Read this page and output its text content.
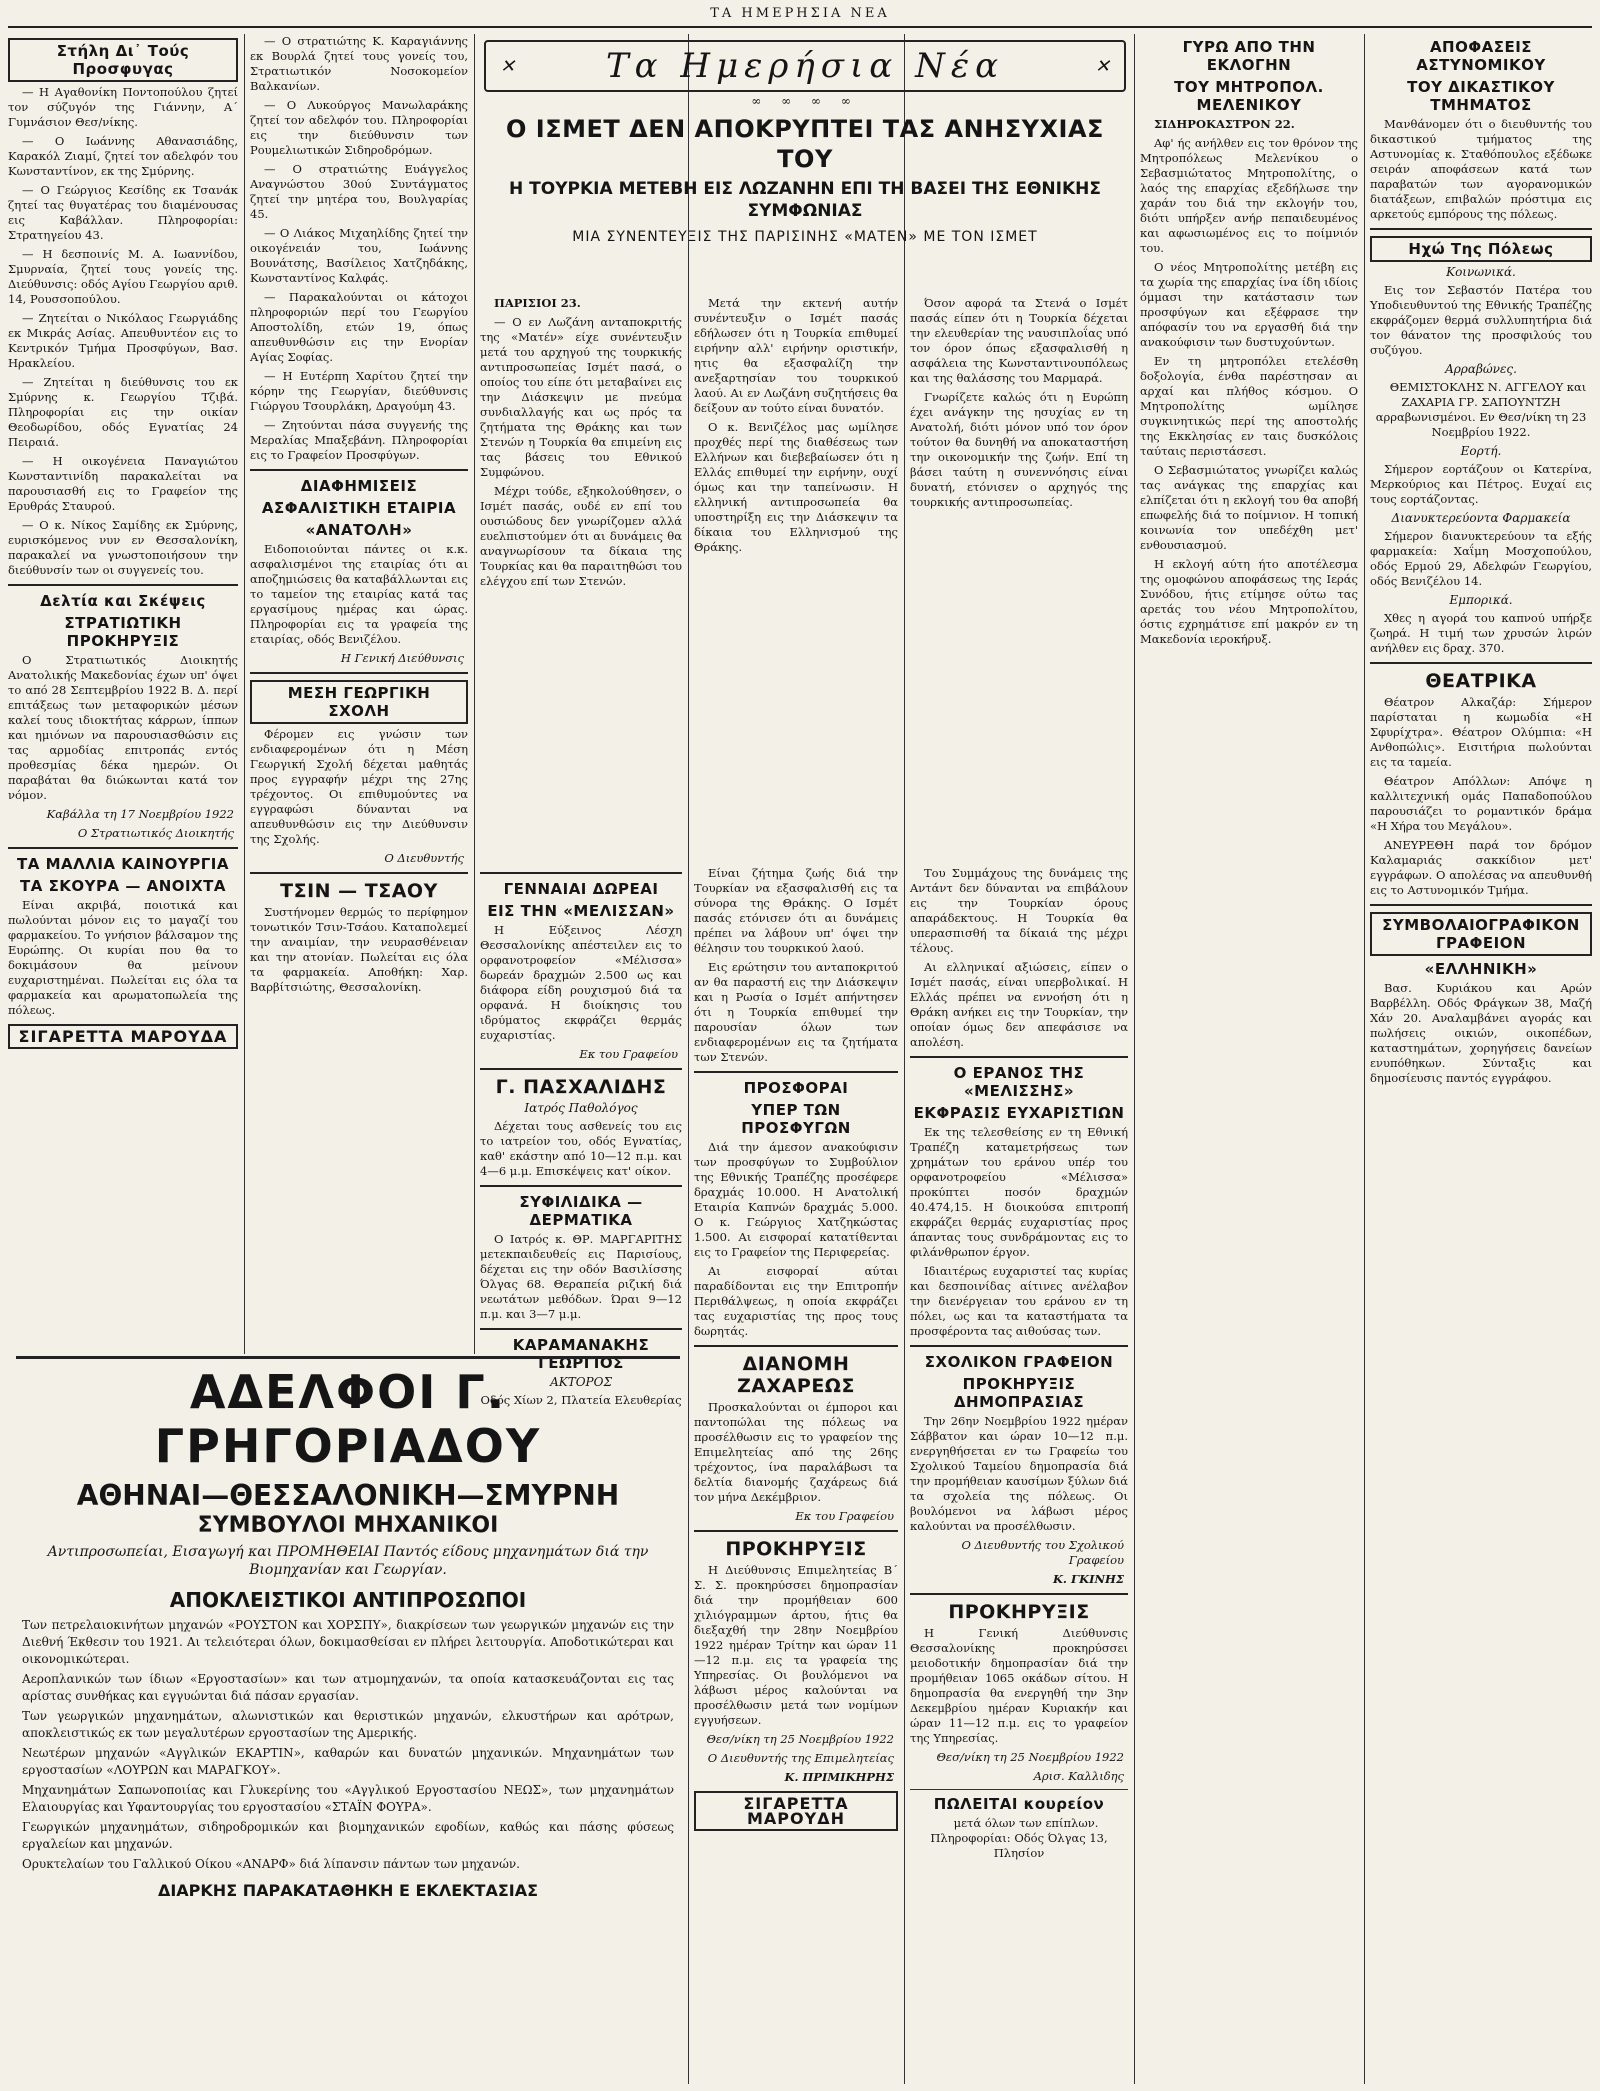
ΤΑ ΗΜΕΡΗΣΙΑ ΝΕΑ
✕	Τα Ημερήσια Νέα	✕
∞ ∞ ∞ ∞
Ο ΙΣΜΕΤ ΔΕΝ ΑΠΟΚΡΥΠΤΕΙ ΤΑΣ ΑΝΗΣΥΧΙΑΣ ΤΟΥ
Η ΤΟΥΡΚΙΑ ΜΕΤΕΒΗ ΕΙΣ ΛΩΖΑΝΗΝ ΕΠΙ ΤΗ ΒΑΣΕΙ ΤΗΣ ΕΘΝΙΚΗΣ ΣΥΜΦΩΝΙΑΣ
ΜΙΑ ΣΥΝΕΝΤΕΥΞΙΣ ΤΗΣ ΠΑΡΙΣΙΝΗΣ «ΜΑΤΕΝ» ΜΕ ΤΟΝ ΙΣΜΕΤ
Στήλη Δι᾽ Τούς Προσφυγας

— Η Αγαθονίκη Ποντοπούλου ζητεί τον σύζυγόν της Γιάννην, Α΄ Γυμνάσιον Θεσ/νίκης.

— Ο Ιωάννης Αθανασιάδης, Καρακόλ Ζιαμί, ζητεί τον αδελφόν του Κωνσταντίνον, εκ της Σμύρνης.

— Ο Γεώργιος Κεσίδης εκ Τσανάκ ζητεί τας θυγατέρας του διαμένουσας εις Καβάλλαν. Πληροφορίαι: Στρατηγείου 43.

— Η δεσποινίς Μ. Α. Ιωαννίδου, Σμυρναία, ζητεί τους γονείς της. Διεύθυνσις: οδός Αγίου Γεωργίου αριθ. 14, Ρουσσοπούλου.

— Ζητείται ο Νικόλαος Γεωργιάδης εκ Μικράς Ασίας. Απευθυντέον εις το Κεντρικόν Τμήμα Προσφύγων, Βασ. Ηρακλείου.

— Ζητείται η διεύθυνσις του εκ Σμύρνης κ. Γεωργίου Τζιβά. Πληροφορίαι εις την οικίαν Θεοδωρίδου, οδός Εγνατίας 24 Πειραιά.

— Η οικογένεια Παναγιώτου Κωνσταντινίδη παρακαλείται να παρουσιασθή εις το Γραφείον της Ερυθράς Σταυρού.

— Ο κ. Νίκος Σαμίδης εκ Σμύρνης, ευρισκόμενος νυν εν Θεσσαλονίκη, παρακαλεί να γνωστοποιήσουν την διεύθυνσίν των οι συγγενείς του.

Δελτία και Σκέψεις
ΣΤΡΑΤΙΩΤΙΚΗ ΠΡΟΚΗΡΥΞΙΣ

Ο Στρατιωτικός Διοικητής Ανατολικής Μακεδονίας έχων υπ' όψει το από 28 Σεπτεμβρίου 1922 Β. Δ. περί επιτάξεως των μεταφορικών μέσων καλεί τους ιδιοκτήτας κάρρων, ίππων και ημιόνων να παρουσιασθώσιν εις τας αρμοδίας επιτροπάς εντός προθεσμίας δέκα ημερών. Οι παραβάται θα διώκωνται κατά τον νόμον.

Καβάλλα τη 17 Νοεμβρίου 1922
Ο Στρατιωτικός Διοικητής
ΤΑ ΜΑΛΛΙΑ ΚΑΙΝΟΥΡΓΙΑ
ΤΑ ΣΚΟΥΡΑ — ΑΝΟΙΧΤΑ

Είναι ακριβά, ποιοτικά και πωλούνται μόνον εις το μαγαζί του φαρμακείου. Το γνήσιον βάλσαμον της Ευρώπης. Οι κυρίαι που θα το δοκιμάσουν θα μείνουν ευχαριστημέναι. Πωλείται εις όλα τα φαρμακεία και αρωματοπωλεία της πόλεως.

ΣΙΓΑΡΕΤΤΑ ΜΑΡΟΥΔΑ

— Ο στρατιώτης Κ. Καραγιάννης εκ Βουρλά ζητεί τους γονείς του, Στρατιωτικόν Νοσοκομείον Βαλκανίων.

— Ο Λυκούργος Μανωλαράκης ζητεί τον αδελφόν του. Πληροφορίαι εις την διεύθυνσιν των Ρουμελιωτικών Σιδηροδρόμων.

— Ο στρατιώτης Ευάγγελος Αναγνώστου 30ού Συντάγματος ζητεί την μητέρα του, Βουλγαρίας 45.

— Ο Λιάκος Μιχαηλίδης ζητεί την οικογένειάν του, Ιωάννης Βουνάτσης, Βασίλειος Χατζηδάκης, Κωνσταντίνος Καλφάς.

— Παρακαλούνται οι κάτοχοι πληροφοριών περί του Γεωργίου Αποστολίδη, ετών 19, όπως απευθυνθώσιν εις την Ενορίαν Αγίας Σοφίας.

— Η Ευτέρπη Χαρίτου ζητεί την κόρην της Γεωργίαν, διεύθυνσις Γιώργου Τσουρλάκη, Δραγούμη 43.

— Ζητούνται πάσα συγγενής της Μεραλίας Μπαξεβάνη. Πληροφορίαι εις το Γραφείον Προσφύγων.

ΔΙΑΦΗΜΙΣΕΙΣ
ΑΣΦΑΛΙΣΤΙΚΗ ΕΤΑΙΡΙΑ
«ΑΝΑΤΟΛΗ»

Ειδοποιούνται πάντες οι κ.κ. ασφαλισμένοι της εταιρίας ότι αι αποζημιώσεις θα καταβάλλωνται εις το ταμείον της εταιρίας κατά τας εργασίμους ημέρας και ώρας. Πληροφορίαι εις τα γραφεία της εταιρίας, οδός Βενιζέλου.

Η Γενική Διεύθυνσις
ΜΕΣΗ ΓΕΩΡΓΙΚΗ ΣΧΟΛΗ

Φέρομεν εις γνώσιν των ενδιαφερομένων ότι η Μέση Γεωργική Σχολή δέχεται μαθητάς προς εγγραφήν μέχρι της 27ης τρέχοντος. Οι επιθυμούντες να εγγραφώσι δύνανται να απευθυνθώσιν εις την Διεύθυνσιν της Σχολής.

Ο Διευθυντής
ΤΣΙΝ — ΤΣΑΟΥ

Συστήνομεν θερμώς το περίφημον τονωτικόν Τσιν-Τσάου. Καταπολεμεί την αναιμίαν, την νευρασθένειαν και την ατονίαν. Πωλείται εις όλα τα φαρμακεία. Αποθήκη: Χαρ. Βαρβίτσιώτης, Θεσσαλονίκη.

ΠΑΡΙΣΙΟΙ 23.

— Ο εν Λωζάνη ανταποκριτής της «Ματέν» είχε συνέντευξιν μετά του αρχηγού της τουρκικής αντιπροσωπείας Ισμέτ πασά, ο οποίος του είπε ότι μεταβαίνει εις την Διάσκεψιν με πνεύμα συνδιαλλαγής και ως πρός τα ζητήματα της Θράκης και των Στενών η Τουρκία θα επιμείνη εις τας βάσεις του Εθνικού Συμφώνου.

Μέχρι τούδε, εξηκολούθησεν, ο Ισμέτ πασάς, ουδέ εν επί του ουσιώδους δεν γνωρίζομεν αλλά ευελπιστούμεν ότι αι δυνάμεις θα αναγνωρίσουν τα δίκαια της Τουρκίας και θα παραιτηθώσι του ελέγχου επί των Στενών.

Μετά την εκτενή αυτήν συνέντευξιν ο Ισμέτ πασάς εδήλωσεν ότι η Τουρκία επιθυμεί ειρήνην αλλ' ειρήνην οριστικήν, ητις θα εξασφαλίζη την ανεξαρτησίαν του τουρκικού λαού. Αι εν Λωζάνη συζητήσεις θα δείξουν αν τούτο είναι δυνατόν.

Ο κ. Βενιζέλος μας ωμίλησε προχθές περί της διαθέσεως των Ελλήνων και διεβεβαίωσεν ότι η Ελλάς επιθυμεί την ειρήνην, ουχί όμως και την ταπείνωσιν. Η ελληνική αντιπροσωπεία θα υποστηρίξη εις την Διάσκεψιν τα δίκαια του Ελληνισμού της Θράκης.

Όσον αφορά τα Στενά ο Ισμέτ πασάς είπεν ότι η Τουρκία δέχεται την ελευθερίαν της ναυσιπλοΐας υπό τον όρον όπως εξασφαλισθή η ασφάλεια της Κωνσταντινουπόλεως και της θαλάσσης του Μαρμαρά.

Γνωρίζετε καλώς ότι η Ευρώπη έχει ανάγκην της ησυχίας εν τη Ανατολή, διότι μόνον υπό τον όρον τούτον θα δυνηθή να αποκαταστήση την οικονομικήν της ζωήν. Επί τη βάσει ταύτη η συνεννόησις είναι δυνατή, ετόνισεν ο αρχηγός της τουρκικής αντιπροσωπείας.

ΓΕΝΝΑΙΑΙ ΔΩΡΕΑΙ
ΕΙΣ ΤΗΝ «ΜΕΛΙΣΣΑΝ»

Η Εύξεινος Λέσχη Θεσσαλονίκης απέστειλεν εις το ορφανοτροφείον «Μέλισσα» δωρεάν δραχμών 2.500 ως και διάφορα είδη ρουχισμού διά τα ορφανά. Η διοίκησις του ιδρύματος εκφράζει θερμάς ευχαριστίας.

Εκ του Γραφείου
Γ. ΠΑΣΧΑΛΙΔΗΣ
Ιατρός Παθολόγος

Δέχεται τους ασθενείς του εις το ιατρείον του, οδός Εγνατίας, καθ' εκάστην από 10—12 π.μ. και 4—6 μ.μ. Επισκέψεις κατ' οίκον.

ΣΥΦΙΛΙΔΙΚΑ — ΔΕΡΜΑΤΙΚΑ

Ο Ιατρός κ. ΘΡ. ΜΑΡΓΑΡΙΤΗΣ μετεκπαιδευθείς εις Παρισίους, δέχεται εις την οδόν Βασιλίσσης Όλγας 68. Θεραπεία ριζική διά νεωτάτων μεθόδων. Ώραι 9—12 π.μ. και 3—7 μ.μ.

ΚΑΡΑΜΑΝΑΚΗΣ ΓΕΩΡΓΙΟΣ
ΑΚΤΟΡΟΣ
Οδός Χίων 2, Πλατεία Ελευθερίας

Είναι ζήτημα ζωής διά την Τουρκίαν να εξασφαλισθή εις τα σύνορα της Θράκης. Ο Ισμέτ πασάς ετόνισεν ότι αι δυνάμεις πρέπει να λάβουν υπ' όψει την θέλησιν του τουρκικού λαού.

Εις ερώτησιν του ανταποκριτού αν θα παραστή εις την Διάσκεψιν και η Ρωσία ο Ισμέτ απήντησεν ότι η Τουρκία επιθυμεί την παρουσίαν όλων των ενδιαφερομένων εις τα ζητήματα των Στενών.

ΠΡΟΣΦΟΡΑΙ
ΥΠΕΡ ΤΩΝ ΠΡΟΣΦΥΓΩΝ

Διά την άμεσον ανακούφισιν των προσφύγων το Συμβούλιον της Εθνικής Τραπέζης προσέφερε δραχμάς 10.000. Η Ανατολική Εταιρία Καπνών δραχμάς 5.000. Ο κ. Γεώργιος Χατζηκώστας 1.500. Αι εισφοραί κατατίθενται εις το Γραφείον της Περιφερείας.

Αι εισφοραί αύται παραδίδονται εις την Επιτροπήν Περιθάλψεως, η οποία εκφράζει τας ευχαριστίας της προς τους δωρητάς.

ΔΙΑΝΟΜΗ ΖΑΧΑΡΕΩΣ

Προσκαλούνται οι έμποροι και παντοπώλαι της πόλεως να προσέλθωσιν εις το γραφείον της Επιμελητείας από της 26ης τρέχοντος, ίνα παραλάβωσι τα δελτία διανομής ζαχάρεως διά τον μήνα Δεκέμβριον.

Εκ του Γραφείου
ΠΡΟΚΗΡΥΞΙΣ

Η Διεύθυνσις Επιμελητείας Β΄ Σ. Σ. προκηρύσσει δημοπρασίαν διά την προμήθειαν 600 χιλιόγραμμων άρτου, ήτις θα διεξαχθή την 28ην Νοεμβρίου 1922 ημέραν Τρίτην και ώραν 11—12 π.μ. εις τα γραφεία της Υπηρεσίας. Οι βουλόμενοι να λάβωσι μέρος καλούνται να προσέλθωσιν μετά των νομίμων εγγυήσεων.

Θεσ/νίκη τη 25 Νοεμβρίου 1922
Ο Διευθυντής της Επιμελητείας
Κ. ΠΡΙΜΙΚΗΡΗΣ
ΣΙΓΑΡΕΤΤΑ ΜΑΡΟΥΔΗ

Του Συμμάχους της δυνάμεις της Αντάντ δεν δύνανται να επιβάλουν εις την Τουρκίαν όρους απαράδεκτους. Η Τουρκία θα υπερασπισθή τα δίκαιά της μέχρι τέλους.

Αι ελληνικαί αξιώσεις, είπεν ο Ισμέτ πασάς, είναι υπερβολικαί. Η Ελλάς πρέπει να εννοήση ότι η Θράκη ανήκει εις την Τουρκίαν, την οποίαν όμως δεν απεφάσισε να απολέση.

Ο ΕΡΑΝΟΣ ΤΗΣ «ΜΕΛΙΣΣΗΣ»
ΕΚΦΡΑΣΙΣ ΕΥΧΑΡΙΣΤΙΩΝ

Εκ της τελεσθείσης εν τη Εθνική Τραπέζη καταμετρήσεως των χρημάτων του εράνου υπέρ του ορφανοτροφείου «Μέλισσα» προκύπτει ποσόν δραχμών 40.474,15. Η διοικούσα επιτροπή εκφράζει θερμάς ευχαριστίας προς άπαντας τους συνδράμοντας εις το φιλάνθρωπον έργον.

Ιδιαιτέρως ευχαριστεί τας κυρίας και δεσποινίδας αίτινες ανέλαβον την διενέργειαν του εράνου εν τη πόλει, ως και τα καταστήματα τα προσφέροντα τας αιθούσας των.

ΣΧΟΛΙΚΟΝ ΓΡΑΦΕΙΟΝ
ΠΡΟΚΗΡΥΞΙΣ ΔΗΜΟΠΡΑΣΙΑΣ

Την 26ην Νοεμβρίου 1922 ημέραν Σάββατον και ώραν 10—12 π.μ. ενεργηθήσεται εν τω Γραφείω του Σχολικού Ταμείου δημοπρασία διά την προμήθειαν καυσίμων ξύλων διά τα σχολεία της πόλεως. Οι βουλόμενοι να λάβωσι μέρος καλούνται να προσέλθωσιν.

Ο Διευθυντής του Σχολικού Γραφείου
Κ. ΓΚΙΝΗΣ
ΠΡΟΚΗΡΥΞΙΣ

Η Γενική Διεύθυνσις Θεσσαλονίκης προκηρύσσει μειοδοτικήν δημοπρασίαν διά την προμήθειαν 1065 οκάδων σίτου. Η δημοπρασία θα ενεργηθή την 3ην Δεκεμβρίου ημέραν Κυριακήν και ώραν 11—12 π.μ. εις το γραφείον της Υπηρεσίας.

Θεσ/νίκη τη 25 Νοεμβρίου 1922
Αρισ. Καλλιδης
ΠΩΛΕΙΤΑΙ κουρείον

μετά όλων των επίπλων. Πληροφορίαι: Οδός Όλγας 13, Πλησίον

ΓΥΡΩ ΑΠΟ ΤΗΝ ΕΚΛΟΓΗΝ
ΤΟΥ ΜΗΤΡΟΠΟΛ. ΜΕΛΕΝΙΚΟΥ

ΣΙΔΗΡΟΚΑΣΤΡΟΝ 22.

Αφ' ής ανήλθεν εις τον θρόνον της Μητροπόλεως Μελενίκου ο Σεβασμιώτατος Μητροπολίτης, ο λαός της επαρχίας εξεδήλωσε την χαράν του διά την εκλογήν του, διότι υπήρξεν ανήρ πεπαιδευμένος και αφωσιωμένος εις το ποίμνιόν του.

Ο νέος Μητροπολίτης μετέβη εις τα χωρία της επαρχίας ίνα ίδη ιδίοις όμμασι την κατάστασιν των προσφύγων και εξέφρασε την απόφασίν του να εργασθή διά την ανακούφισιν των δυστυχούντων.

Εν τη μητροπόλει ετελέσθη δοξολογία, ένθα παρέστησαν αι αρχαί και πλήθος κόσμου. Ο Μητροπολίτης ωμίλησε συγκινητικώς περί της αποστολής της Εκκλησίας εν ταις δυσκόλοις ταύταις περιστάσεσι.

Ο Σεβασμιώτατος γνωρίζει καλώς τας ανάγκας της επαρχίας και ελπίζεται ότι η εκλογή του θα αποβή επωφελής διά το ποίμνιον. Η τοπική κοινωνία τον υπεδέχθη μετ' ενθουσιασμού.

Η εκλογή αύτη ήτο αποτέλεσμα της ομοφώνου αποφάσεως της Ιεράς Συνόδου, ήτις ετίμησε ούτω τας αρετάς του νέου Μητροπολίτου, όστις εχρημάτισε επί μακρόν εν τη Μακεδονία ιεροκήρυξ.

ΑΠΟΦΑΣΕΙΣ ΑΣΤΥΝΟΜΙΚΟΥ
ΤΟΥ ΔΙΚΑΣΤΙΚΟΥ ΤΜΗΜΑΤΟΣ

Μανθάνομεν ότι ο διευθυντής του δικαστικού τμήματος της Αστυνομίας κ. Σταθόπουλος εξέδωκε σειράν αποφάσεων κατά των παραβατών των αγορανομικών διατάξεων, επιβαλών πρόστιμα εις αρκετούς εμπόρους της πόλεως.

Ηχώ Της Πόλεως
Κοινωνικά.

Εις τον Σεβαστόν Πατέρα του Υποδιευθυντού της Εθνικής Τραπέζης εκφράζομεν θερμά συλλυπητήρια διά τον θάνατον της προσφιλούς του συζύγου.

Αρραβώνες.

ΘΕΜΙΣΤΟΚΛΗΣ Ν. ΑΓΓΕΛΟΥ και ΖΑΧΑΡΙΑ ΓΡ. ΣΑΠΟΥΝΤΖΗ αρραβωνισμένοι. Εν Θεσ/νίκη τη 23 Νοεμβρίου 1922.

Εορτή.

Σήμερον εορτάζουν οι Κατερίνα, Μερκούριος και Πέτρος. Ευχαί εις τους εορτάζοντας.

Διανυκτερεύοντα Φαρμακεία

Σήμερον διανυκτερεύουν τα εξής φαρμακεία: Χαΐμη Μοσχοπούλου, οδός Ερμού 29, Αδελφών Γεωργίου, οδός Βενιζέλου 14.

Εμπορικά.

Χθες η αγορά του καπνού υπήρξε ζωηρά. Η τιμή των χρυσών λιρών ανήλθεν εις δραχ. 370.

ΘΕΑΤΡΙΚΑ

Θέατρον Αλκαζάρ: Σήμερον παρίσταται η κωμωδία «Η Σφυρίχτρα». Θέατρον Ολύμπια: «Η Ανθοπώλις». Εισιτήρια πωλούνται εις τα ταμεία.

Θέατρον Απόλλων: Απόψε η καλλιτεχνική ομάς Παπαδοπούλου παρουσιάζει το ρομαντικόν δράμα «Η Χήρα του Μεγάλου».

ΑΝΕΥΡΕΘΗ παρά τον δρόμον Καλαμαριάς σακκίδιον μετ' εγγράφων. Ο απολέσας να απευθυνθή εις το Αστυνομικόν Τμήμα.

ΣΥΜΒΟΛΑΙΟΓΡΑΦΙΚΟΝ ΓΡΑΦΕΙΟΝ
«ΕΛΛΗΝΙΚΗ»

Βασ. Κυριάκου και Αρών Βαρβέλλη. Οδός Φράγκων 38, Μαζή Χάν 20. Αναλαμβάνει αγοράς και πωλήσεις οικιών, οικοπέδων, καταστημάτων, χορηγήσεις δανείων ενυπόθηκων. Σύνταξις και δημοσίευσις παντός εγγράφου.

ΑΔΕΛΦΟΙ Γ. ΓΡΗΓΟΡΙΑΔΟΥ
ΑΘΗΝΑΙ—ΘΕΣΣΑΛΟΝΙΚΗ—ΣΜΥΡΝΗ
ΣΥΜΒΟΥΛΟΙ ΜΗΧΑΝΙΚΟΙ
Αντιπροσωπείαι, Εισαγωγή και ΠΡΟΜΗΘΕΙΑΙ Παντός είδους μηχανημάτων διά την Βιομηχανίαν και Γεωργίαν.
ΑΠΟΚΛΕΙΣΤΙΚΟΙ ΑΝΤΙΠΡΟΣΩΠΟΙ

Των πετρελαιοκινήτων μηχανών «ΡΟΥΣΤΟΝ και ΧΟΡΣΠΥ», διακρίσεων των γεωργικών μηχανών εις την Διεθνή Έκθεσιν του 1921. Αι τελειότεραι όλων, δοκιμασθείσαι εν πλήρει λειτουργία. Αποδοτικώτεραι και οικονομικώτεραι.

Αεροπλανικών των ίδιων «Εργοστασίων» και των ατμομηχανών, τα οποία κατασκευάζονται εις τας αρίστας συνθήκας και εγγυώνται διά πάσαν εργασίαν.

Των γεωργικών μηχανημάτων, αλωνιστικών και θεριστικών μηχανών, ελκυστήρων και αρότρων, αποκλειστικώς εκ των μεγαλυτέρων εργοστασίων της Αμερικής.

Νεωτέρων μηχανών «Αγγλικών ΕΚΑΡΤΙΝ», καθαρών και δυνατών μηχανικών. Μηχανημάτων των εργοστασίων «ΛΟΥΡΩΝ και ΜΑΡΑΓΚΟΥ».

Μηχανημάτων Σαπωνοποιίας και Γλυκερίνης του «Αγγλικού Εργοστασίου ΝΕΩΣ», των μηχανημάτων Ελαιουργίας και Υφαντουργίας του εργοστασίου «ΣΤΑΪΝ ΦΟΥΡΑ».

Γεωργικών μηχανημάτων, σιδηροδρομικών και βιομηχανικών εφοδίων, καθώς και πάσης φύσεως εργαλείων και μηχανών.

Ορυκτελαίων του Γαλλικού Οίκου «ΑΝΑΡΦ» διά λίπανσιν πάντων των μηχανών.

ΔΙΑΡΚΗΣ ΠΑΡΑΚΑΤΑΘΗΚΗ Ε ΕΚΛΕΚΤΑΣΙΑΣ
